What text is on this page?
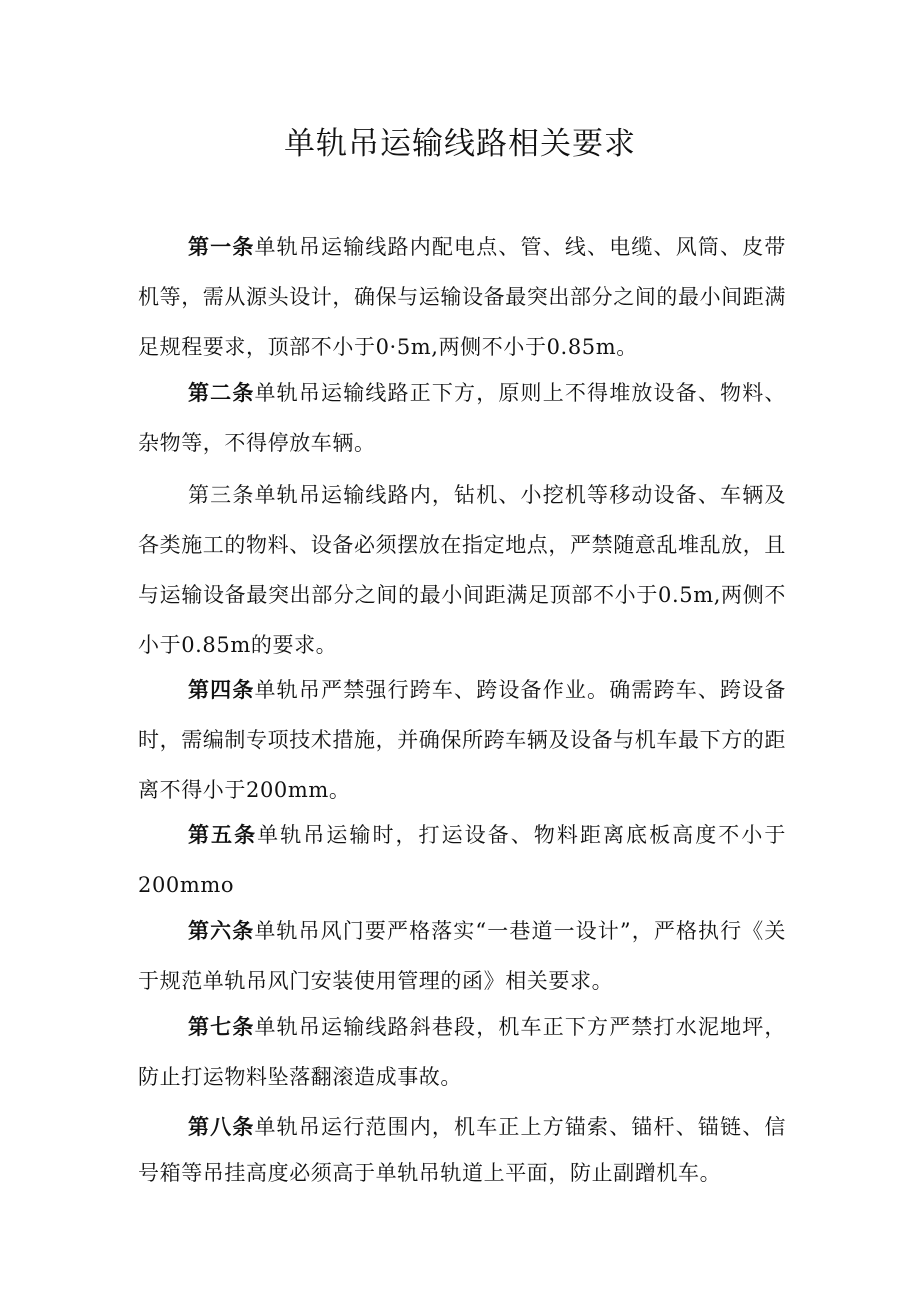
单轨吊运输线路相关要求

第一条单轨吊运输线路内配电点、管、线、电缆、风筒、皮带机等，需从源头设计，确保与运输设备最突出部分之间的最小间距满足规程要求，顶部不小于0·5m,两侧不小于0.85m。

第二条单轨吊运输线路正下方，原则上不得堆放设备、物料、杂物等，不得停放车辆。

第三条单轨吊运输线路内，钻机、小挖机等移动设备、车辆及各类施工的物料、设备必须摆放在指定地点，严禁随意乱堆乱放，且与运输设备最突出部分之间的最小间距满足顶部不小于0.5m,两侧不小于0.85m的要求。

第四条单轨吊严禁强行跨车、跨设备作业。确需跨车、跨设备时，需编制专项技术措施，并确保所跨车辆及设备与机车最下方的距离不得小于200mm。

第五条单轨吊运输时，打运设备、物料距离底板高度不小于200mmo

第六条单轨吊风门要严格落实“一巷道一设计”，严格执行《关于规范单轨吊风门安装使用管理的函》相关要求。

第七条单轨吊运输线路斜巷段，机车正下方严禁打水泥地坪，防止打运物料坠落翻滚造成事故。

第八条单轨吊运行范围内，机车正上方锚索、锚杆、锚链、信号箱等吊挂高度必须高于单轨吊轨道上平面，防止副蹭机车。
